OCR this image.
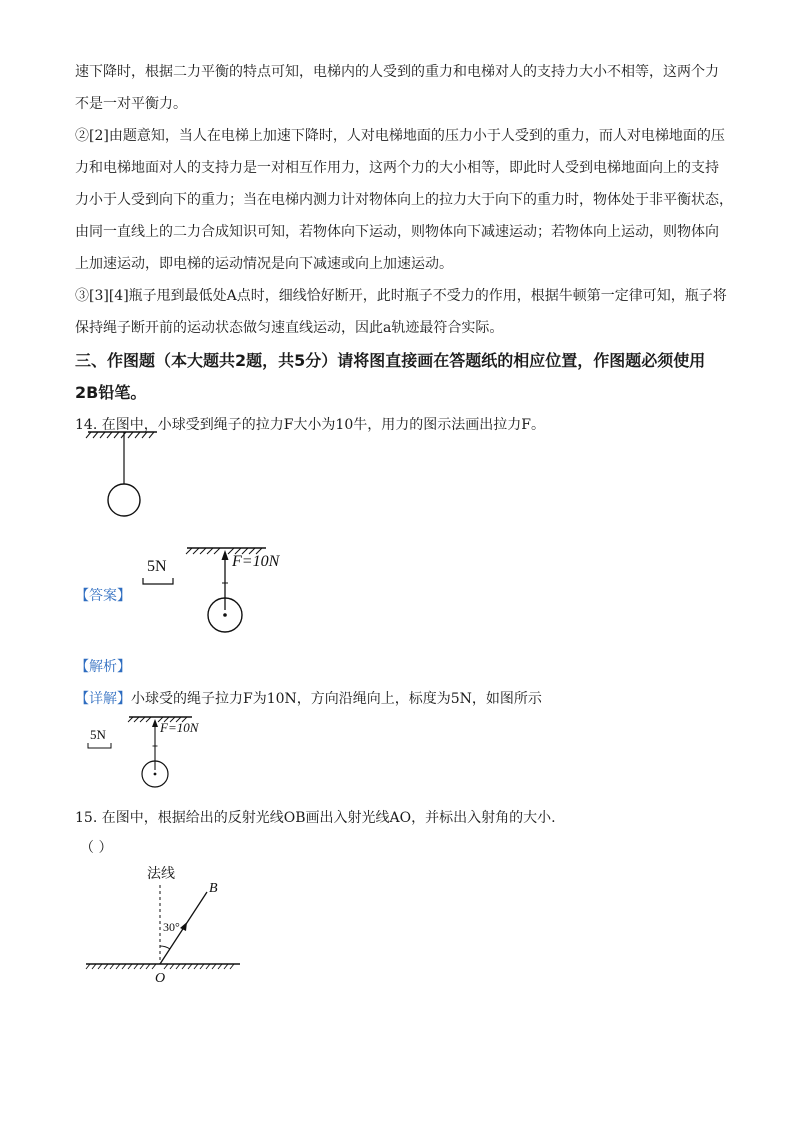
速下降时，根据二力平衡的特点可知，电梯内的人受到的重力和电梯对人的支持力大小不相等，这两个力
不是一对平衡力。
②[2]由题意知，当人在电梯上加速下降时，人对电梯地面的压力小于人受到的重力，而人对电梯地面的压
力和电梯地面对人的支持力是一对相互作用力，这两个力的大小相等，即此时人受到电梯地面向上的支持
力小于人受到向下的重力；当在电梯内测力计对物体向上的拉力大于向下的重力时，物体处于非平衡状态，
由同一直线上的二力合成知识可知，若物体向下运动，则物体向下减速运动；若物体向上运动，则物体向
上加速运动，即电梯的运动情况是向下减速或向上加速运动。
③[3][4]瓶子甩到最低处A点时，细线恰好断开，此时瓶子不受力的作用，根据牛顿第一定律可知，瓶子将
保持绳子断开前的运动状态做匀速直线运动，因此a轨迹最符合实际。
三、作图题（本大题共2题，共5分）请将图直接画在答题纸的相应位置，作图题必须使用
2B铅笔。
14. 在图中，小球受到绳子的拉力F大小为10牛，用力的图示法画出拉力F。
5N	F=10N
【答案】
【解析】
【详解】小球受的绳子拉力F为10N，方向沿绳向上，标度为5N，如图所示
5N	F=10N
15. 在图中，根据给出的反射光线OB画出入射光线AO，并标出入射角的大小.
（ ）
法线
30°
B
O
